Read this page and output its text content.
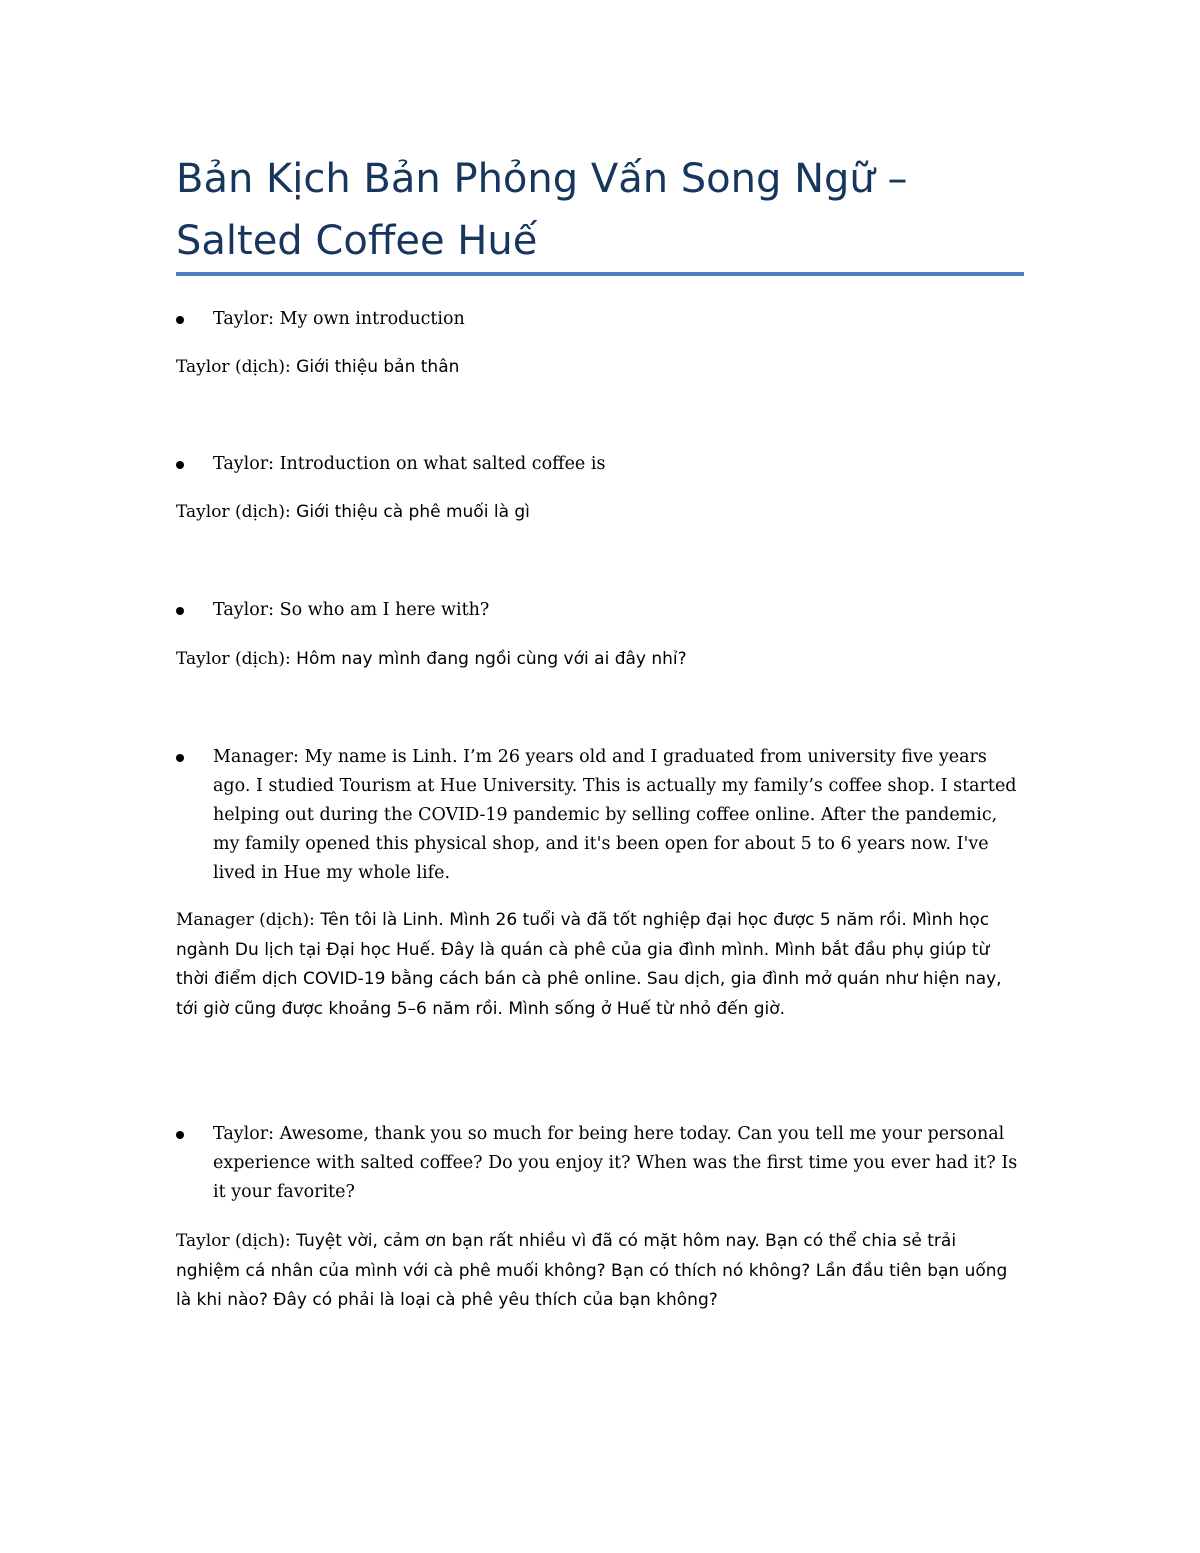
Bản Kịch Bản Phỏng Vấn Song Ngữ – Salted Coffee Huế
Taylor: My own introduction
Taylor (dịch): Giới thiệu bản thân
Taylor: Introduction on what salted coffee is
Taylor (dịch): Giới thiệu cà phê muối là gì
Taylor: So who am I here with?
Taylor (dịch): Hôm nay mình đang ngồi cùng với ai đây nhỉ?
Manager: My name is Linh. I’m 26 years old and I graduated from university five years ago. I studied Tourism at Hue University. This is actually my family’s coffee shop. I started helping out during the COVID-19 pandemic by selling coffee online. After the pandemic, my family opened this physical shop, and it's been open for about 5 to 6 years now. I've lived in Hue my whole life.
Manager (dịch): Tên tôi là Linh. Mình 26 tuổi và đã tốt nghiệp đại học được 5 năm rồi. Mình học ngành Du lịch tại Đại học Huế. Đây là quán cà phê của gia đình mình. Mình bắt đầu phụ giúp từ thời điểm dịch COVID-19 bằng cách bán cà phê online. Sau dịch, gia đình mở quán như hiện nay, tới giờ cũng được khoảng 5–6 năm rồi. Mình sống ở Huế từ nhỏ đến giờ.
Taylor: Awesome, thank you so much for being here today. Can you tell me your personal experience with salted coffee? Do you enjoy it? When was the first time you ever had it? Is it your favorite?
Taylor (dịch): Tuyệt vời, cảm ơn bạn rất nhiều vì đã có mặt hôm nay. Bạn có thể chia sẻ trải nghiệm cá nhân của mình với cà phê muối không? Bạn có thích nó không? Lần đầu tiên bạn uống là khi nào? Đây có phải là loại cà phê yêu thích của bạn không?
